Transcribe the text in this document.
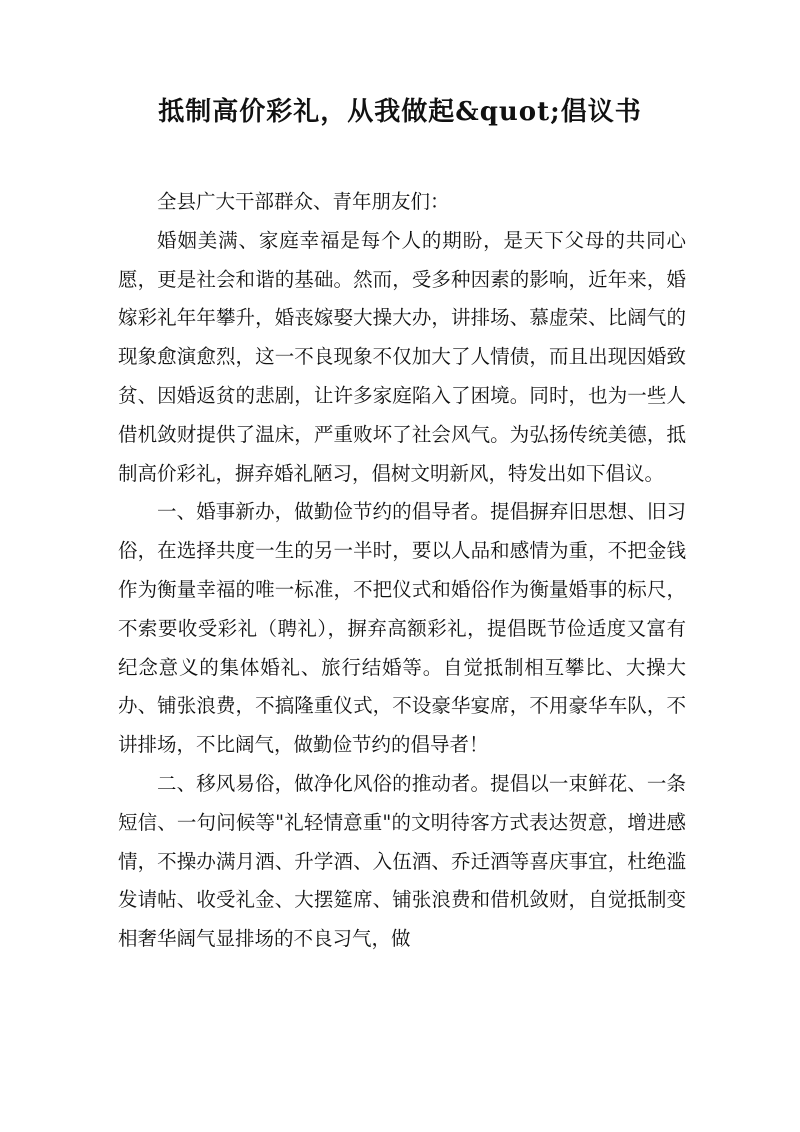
抵制高价彩礼，从我做起&quot;倡议书

全县广大干部群众、青年朋友们：

婚姻美满、家庭幸福是每个人的期盼，是天下父母的共同心愿，更是社会和谐的基础。然而，受多种因素的影响，近年来，婚嫁彩礼年年攀升，婚丧嫁娶大操大办，讲排场、慕虚荣、比阔气的现象愈演愈烈，这一不良现象不仅加大了人情债，而且出现因婚致贫、因婚返贫的悲剧，让许多家庭陷入了困境。同时，也为一些人借机敛财提供了温床，严重败坏了社会风气。为弘扬传统美德，抵制高价彩礼，摒弃婚礼陋习，倡树文明新风，特发出如下倡议。

一、婚事新办，做勤俭节约的倡导者。提倡摒弃旧思想、旧习俗，在选择共度一生的另一半时，要以人品和感情为重，不把金钱作为衡量幸福的唯一标准，不把仪式和婚俗作为衡量婚事的标尺，不索要收受彩礼（聘礼），摒弃高额彩礼，提倡既节俭适度又富有纪念意义的集体婚礼、旅行结婚等。自觉抵制相互攀比、大操大办、铺张浪费，不搞隆重仪式，不设豪华宴席，不用豪华车队，不讲排场，不比阔气，做勤俭节约的倡导者！

二、移风易俗，做净化风俗的推动者。提倡以一束鲜花、一条短信、一句问候等"礼轻情意重"的文明待客方式表达贺意，增进感情，不操办满月酒、升学酒、入伍酒、乔迁酒等喜庆事宜，杜绝滥发请帖、收受礼金、大摆筵席、铺张浪费和借机敛财，自觉抵制变相奢华阔气显排场的不良习气，做
